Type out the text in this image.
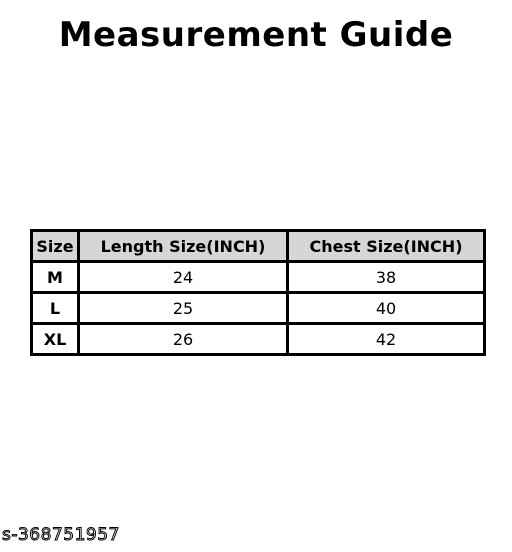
Measurement Guide
Size	Length Size(INCH)	Chest Size(INCH)
M	24	38
L	25	40
XL	26	42
s-368751957
